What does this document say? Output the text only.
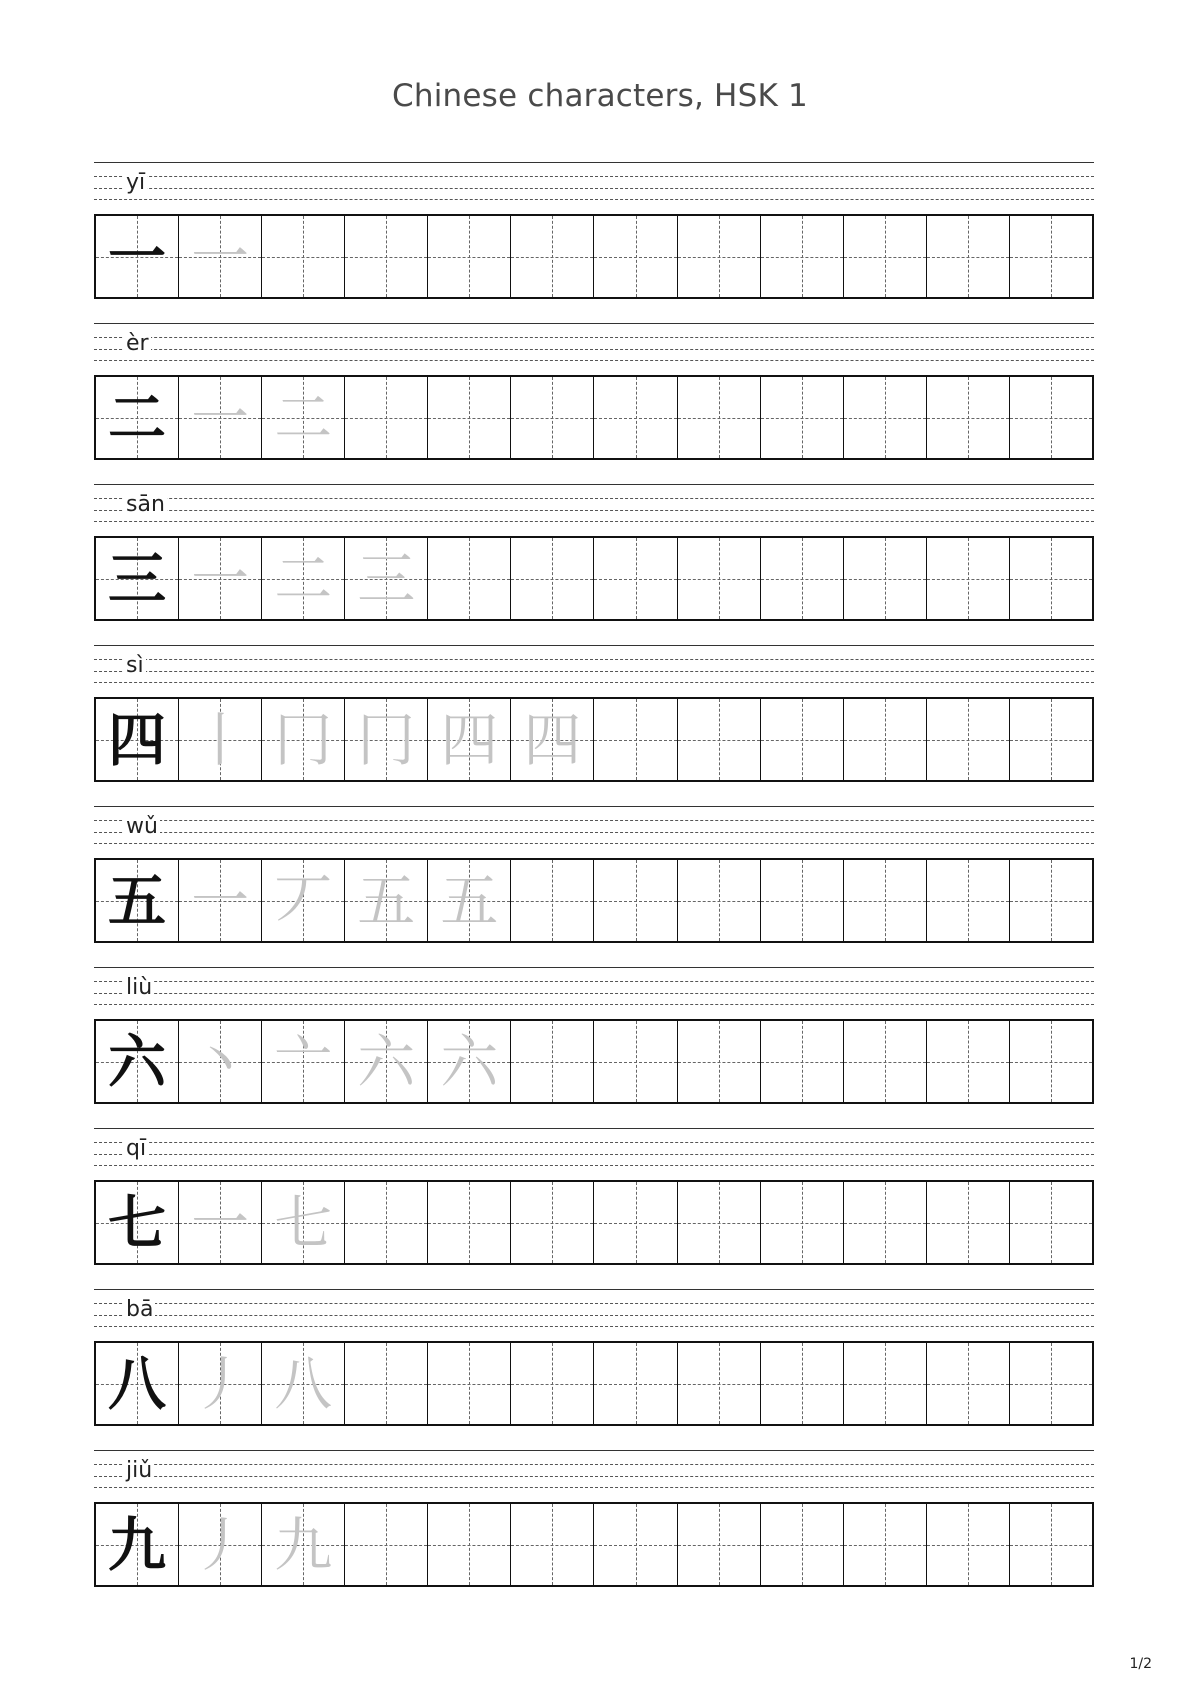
Chinese characters, HSK 1
yī
一 一
èr
二 一 二
sān
三 一 二 三
sì
四 丨 冂 冂 四 四
wǔ
五 一 丆 五 五
liù
六 丶 亠 六 六
qī
七 一 七
bā
八 丿 八
jiǔ
九 丿 九
1/2
